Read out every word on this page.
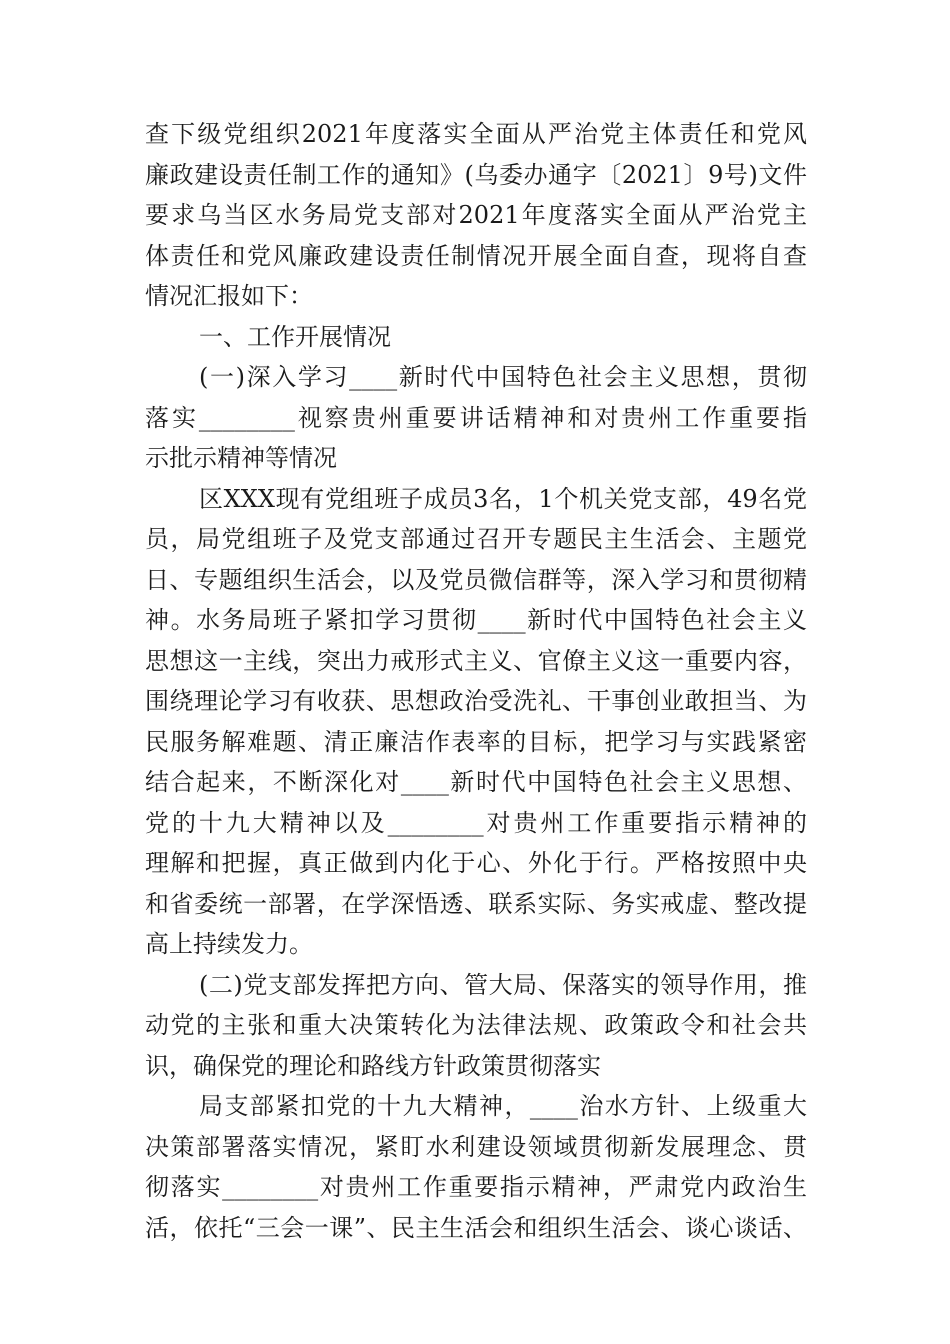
查下级党组织2021年度落实全面从严治党主体责任和党风
廉政建设责任制工作的通知》(乌委办通字〔2021〕9号)文件
要求乌当区水务局党支部对2021年度落实全面从严治党主
体责任和党风廉政建设责任制情况开展全面自查，现将自查
情况汇报如下：
一、工作开展情况
(一)深入学习____新时代中国特色社会主义思想，贯彻
落实________视察贵州重要讲话精神和对贵州工作重要指
示批示精神等情况
区XXX现有党组班子成员3名，1个机关党支部，49名党
员，局党组班子及党支部通过召开专题民主生活会、主题党
日、专题组织生活会，以及党员微信群等，深入学习和贯彻精
神。水务局班子紧扣学习贯彻____新时代中国特色社会主义
思想这一主线，突出力戒形式主义、官僚主义这一重要内容，
围绕理论学习有收获、思想政治受洗礼、干事创业敢担当、为
民服务解难题、清正廉洁作表率的目标，把学习与实践紧密
结合起来，不断深化对____新时代中国特色社会主义思想、
党的十九大精神以及________对贵州工作重要指示精神的
理解和把握，真正做到内化于心、外化于行。严格按照中央
和省委统一部署，在学深悟透、联系实际、务实戒虚、整改提
高上持续发力。
(二)党支部发挥把方向、管大局、保落实的领导作用，推
动党的主张和重大决策转化为法律法规、政策政令和社会共
识，确保党的理论和路线方针政策贯彻落实
局支部紧扣党的十九大精神，____治水方针、上级重大
决策部署落实情况，紧盯水利建设领域贯彻新发展理念、贯
彻落实________对贵州工作重要指示精神，严肃党内政治生
活，依托“三会一课”、民主生活会和组织生活会、谈心谈话、
